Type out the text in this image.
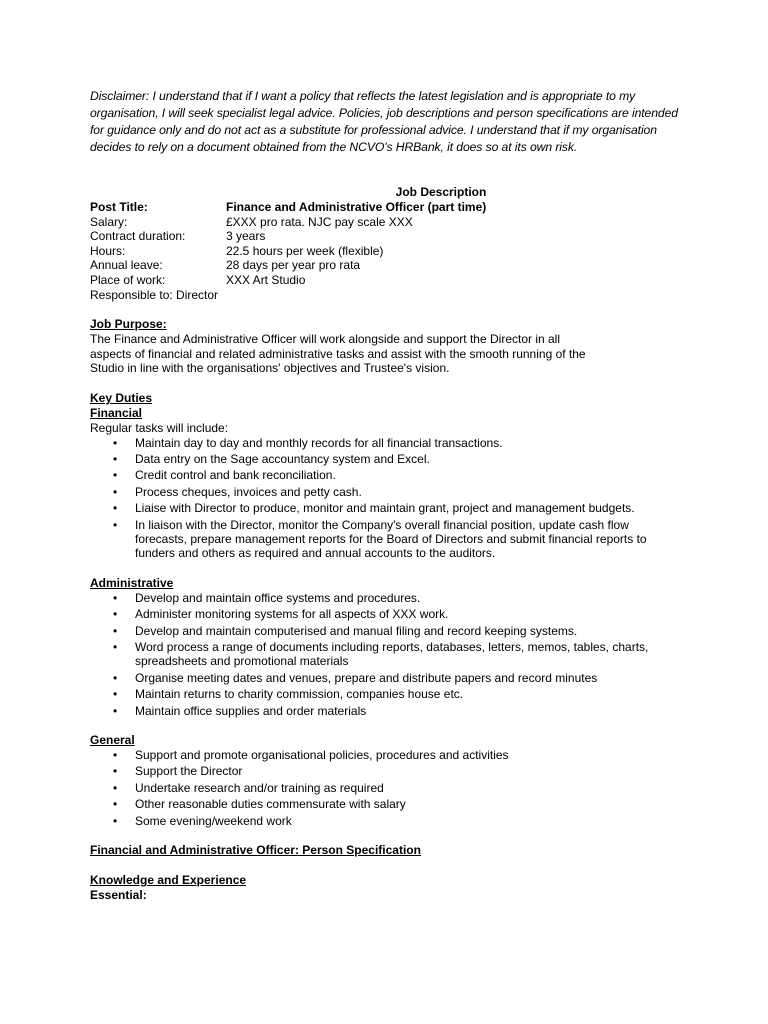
Disclaimer: I understand that if I want a policy that reflects the latest legislation and is appropriate to my organisation, I will seek specialist legal advice. Policies, job descriptions and person specifications are intended for guidance only and do not act as a substitute for professional advice. I understand that if my organisation decides to rely on a document obtained from the NCVO's HRBank, it does so at its own risk.

Job Description
Post Title:	Finance and Administrative Officer (part time)
Salary:	£XXX pro rata. NJC pay scale XXX
Contract duration:	3 years
Hours:	22.5 hours per week (flexible)
Annual leave:	28 days per year pro rata
Place of work:	XXX Art Studio
Responsible to: Director
Job Purpose:

The Finance and Administrative Officer will work alongside and support the Director in all

aspects of financial and related administrative tasks and assist with the smooth running of the

Studio in line with the organisations' objectives and Trustee's vision.

Key Duties
Financial

Regular tasks will include:

• Maintain day to day and monthly records for all financial transactions.
• Data entry on the Sage accountancy system and Excel.
• Credit control and bank reconciliation.
• Process cheques, invoices and petty cash.
• Liaise with Director to produce, monitor and maintain grant, project and management budgets.
• In liaison with the Director, monitor the Company's overall financial position, update cash flow forecasts, prepare management reports for the Board of Directors and submit financial reports to funders and others as required and annual accounts to the auditors.
Administrative
• Develop and maintain office systems and procedures.
• Administer monitoring systems for all aspects of XXX work.
• Develop and maintain computerised and manual filing and record keeping systems.
• Word process a range of documents including reports, databases, letters, memos, tables, charts, spreadsheets and promotional materials
• Organise meeting dates and venues, prepare and distribute papers and record minutes
• Maintain returns to charity commission, companies house etc.
• Maintain office supplies and order materials
General
• Support and promote organisational policies, procedures and activities
• Support the Director
• Undertake research and/or training as required
• Other reasonable duties commensurate with salary
• Some evening/weekend work
Financial and Administrative Officer: Person Specification
Knowledge and Experience
Essential:
